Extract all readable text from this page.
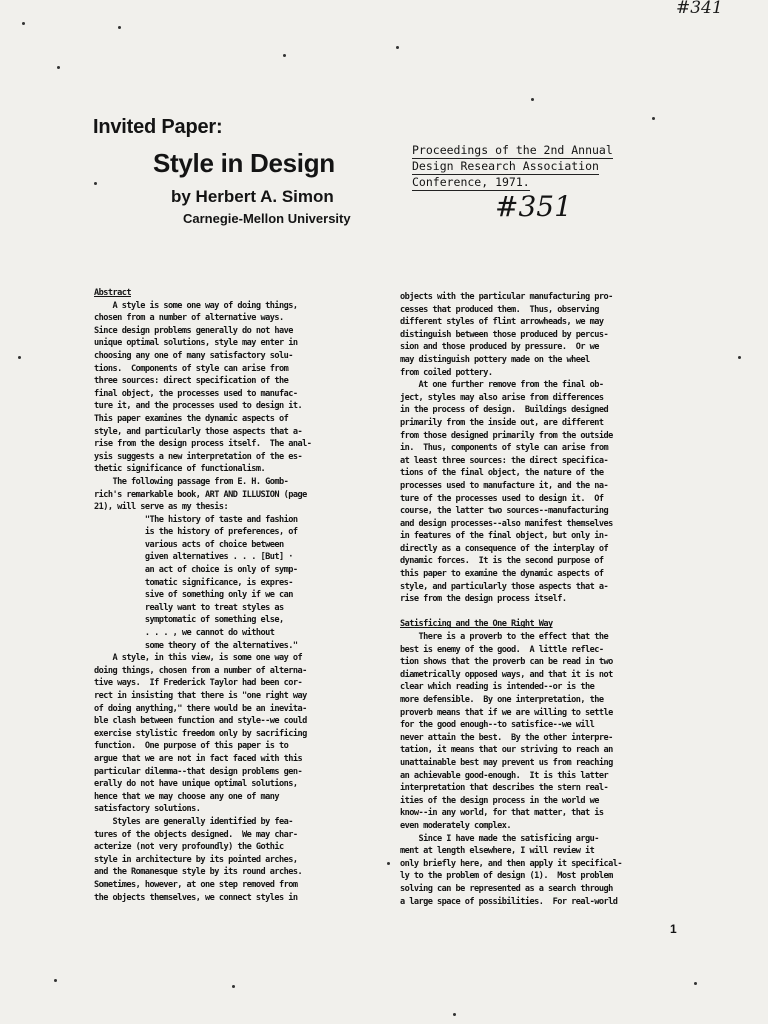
#341
Invited Paper:
Style in Design
by Herbert A. Simon
Carnegie-Mellon University
Proceedings of the 2nd Annual
Design Research Association
Conference, 1971.
#351
Abstract
A style is some one way of doing things,
chosen from a number of alternative ways.
Since design problems generally do not have
unique optimal solutions, style may enter in
choosing any one of many satisfactory solu-
tions.  Components of style can arise from
three sources: direct specification of the
final object, the processes used to manufac-
ture it, and the processes used to design it.
This paper examines the dynamic aspects of
style, and particularly those aspects that a-
rise from the design process itself.  The anal-
ysis suggests a new interpretation of the es-
thetic significance of functionalism.
The following passage from E. H. Gomb-
rich's remarkable book, ART AND ILLUSION (page
21), will serve as my thesis:
"The history of taste and fashion
is the history of preferences, of
various acts of choice between
given alternatives . . . [But] ·
an act of choice is only of symp-
tomatic significance, is expres-
sive of something only if we can
really want to treat styles as
symptomatic of something else,
. . . , we cannot do without
some theory of the alternatives."
A style, in this view, is some one way of
doing things, chosen from a number of alterna-
tive ways.  If Frederick Taylor had been cor-
rect in insisting that there is "one right way
of doing anything," there would be an inevita-
ble clash between function and style--we could
exercise stylistic freedom only by sacrificing
function.  One purpose of this paper is to
argue that we are not in fact faced with this
particular dilemma--that design problems gen-
erally do not have unique optimal solutions,
hence that we may choose any one of many
satisfactory solutions.
Styles are generally identified by fea-
tures of the objects designed.  We may char-
acterize (not very profoundly) the Gothic
style in architecture by its pointed arches,
and the Romanesque style by its round arches.
Sometimes, however, at one step removed from
the objects themselves, we connect styles in
objects with the particular manufacturing pro-
cesses that produced them.  Thus, observing
different styles of flint arrowheads, we may
distinguish between those produced by percus-
sion and those produced by pressure.  Or we
may distinguish pottery made on the wheel
from coiled pottery.
At one further remove from the final ob-
ject, styles may also arise from differences
in the process of design.  Buildings designed
primarily from the inside out, are different
from those designed primarily from the outside
in.  Thus, components of style can arise from
at least three sources: the direct specifica-
tions of the final object, the nature of the
processes used to manufacture it, and the na-
ture of the processes used to design it.  Of
course, the latter two sources--manufacturing
and design processes--also manifest themselves
in features of the final object, but only in-
directly as a consequence of the interplay of
dynamic forces.  It is the second purpose of
this paper to examine the dynamic aspects of
style, and particularly those aspects that a-
rise from the design process itself.
Satisficing and the One Right Way
There is a proverb to the effect that the
best is enemy of the good.  A little reflec-
tion shows that the proverb can be read in two
diametrically opposed ways, and that it is not
clear which reading is intended--or is the
more defensible.  By one interpretation, the
proverb means that if we are willing to settle
for the good enough--to satisfice--we will
never attain the best.  By the other interpre-
tation, it means that our striving to reach an
unattainable best may prevent us from reaching
an achievable good-enough.  It is this latter
interpretation that describes the stern real-
ities of the design process in the world we
know--in any world, for that matter, that is
even moderately complex.
Since I have made the satisficing argu-
ment at length elsewhere, I will review it
only briefly here, and then apply it specifical-
ly to the problem of design (1).  Most problem
solving can be represented as a search through
a large space of possibilities.  For real-world
1
